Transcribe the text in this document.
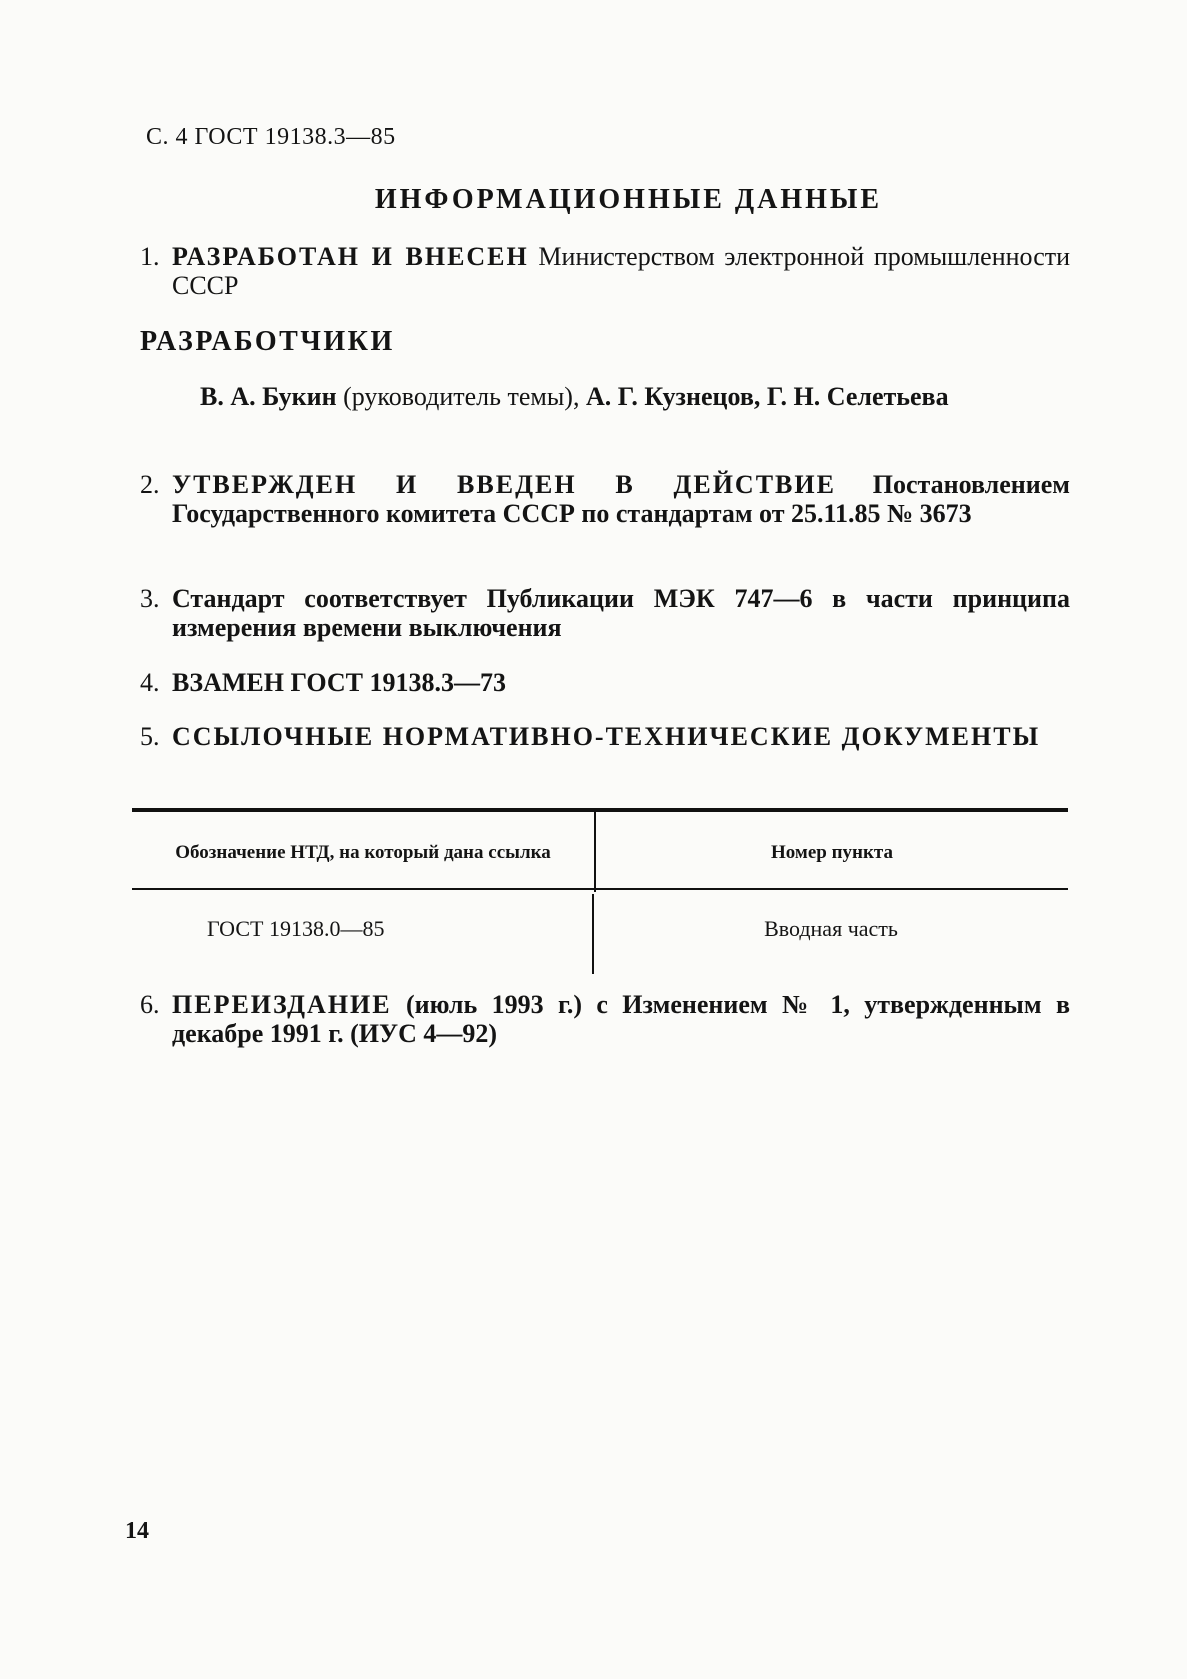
С. 4 ГОСТ 19138.3—85
ИНФОРМАЦИОННЫЕ ДАННЫЕ
1. РАЗРАБОТАН И ВНЕСЕН Министерством электронной промышленности СССР
РАЗРАБОТЧИКИ
В. А. Букин (руководитель темы), А. Г. Кузнецов, Г. Н. Селетьева
2. УТВЕРЖДЕН И ВВЕДЕН В ДЕЙСТВИЕ Постановлением Государственного комитета СССР по стандартам от 25.11.85 № 3673
3. Стандарт соответствует Публикации МЭК 747—6 в части принципа измерения времени выключения
4. ВЗАМЕН ГОСТ 19138.3—73
5. ССЫЛОЧНЫЕ НОРМАТИВНО-ТЕХНИЧЕСКИЕ ДОКУМЕНТЫ
Обозначение НТД, на который дана ссылка	Номер пункта
ГОСТ 19138.0—85	Вводная часть
6. ПЕРЕИЗДАНИЕ (июль 1993 г.) с Изменением № 1, утвержденным в декабре 1991 г. (ИУС 4—92)
14
